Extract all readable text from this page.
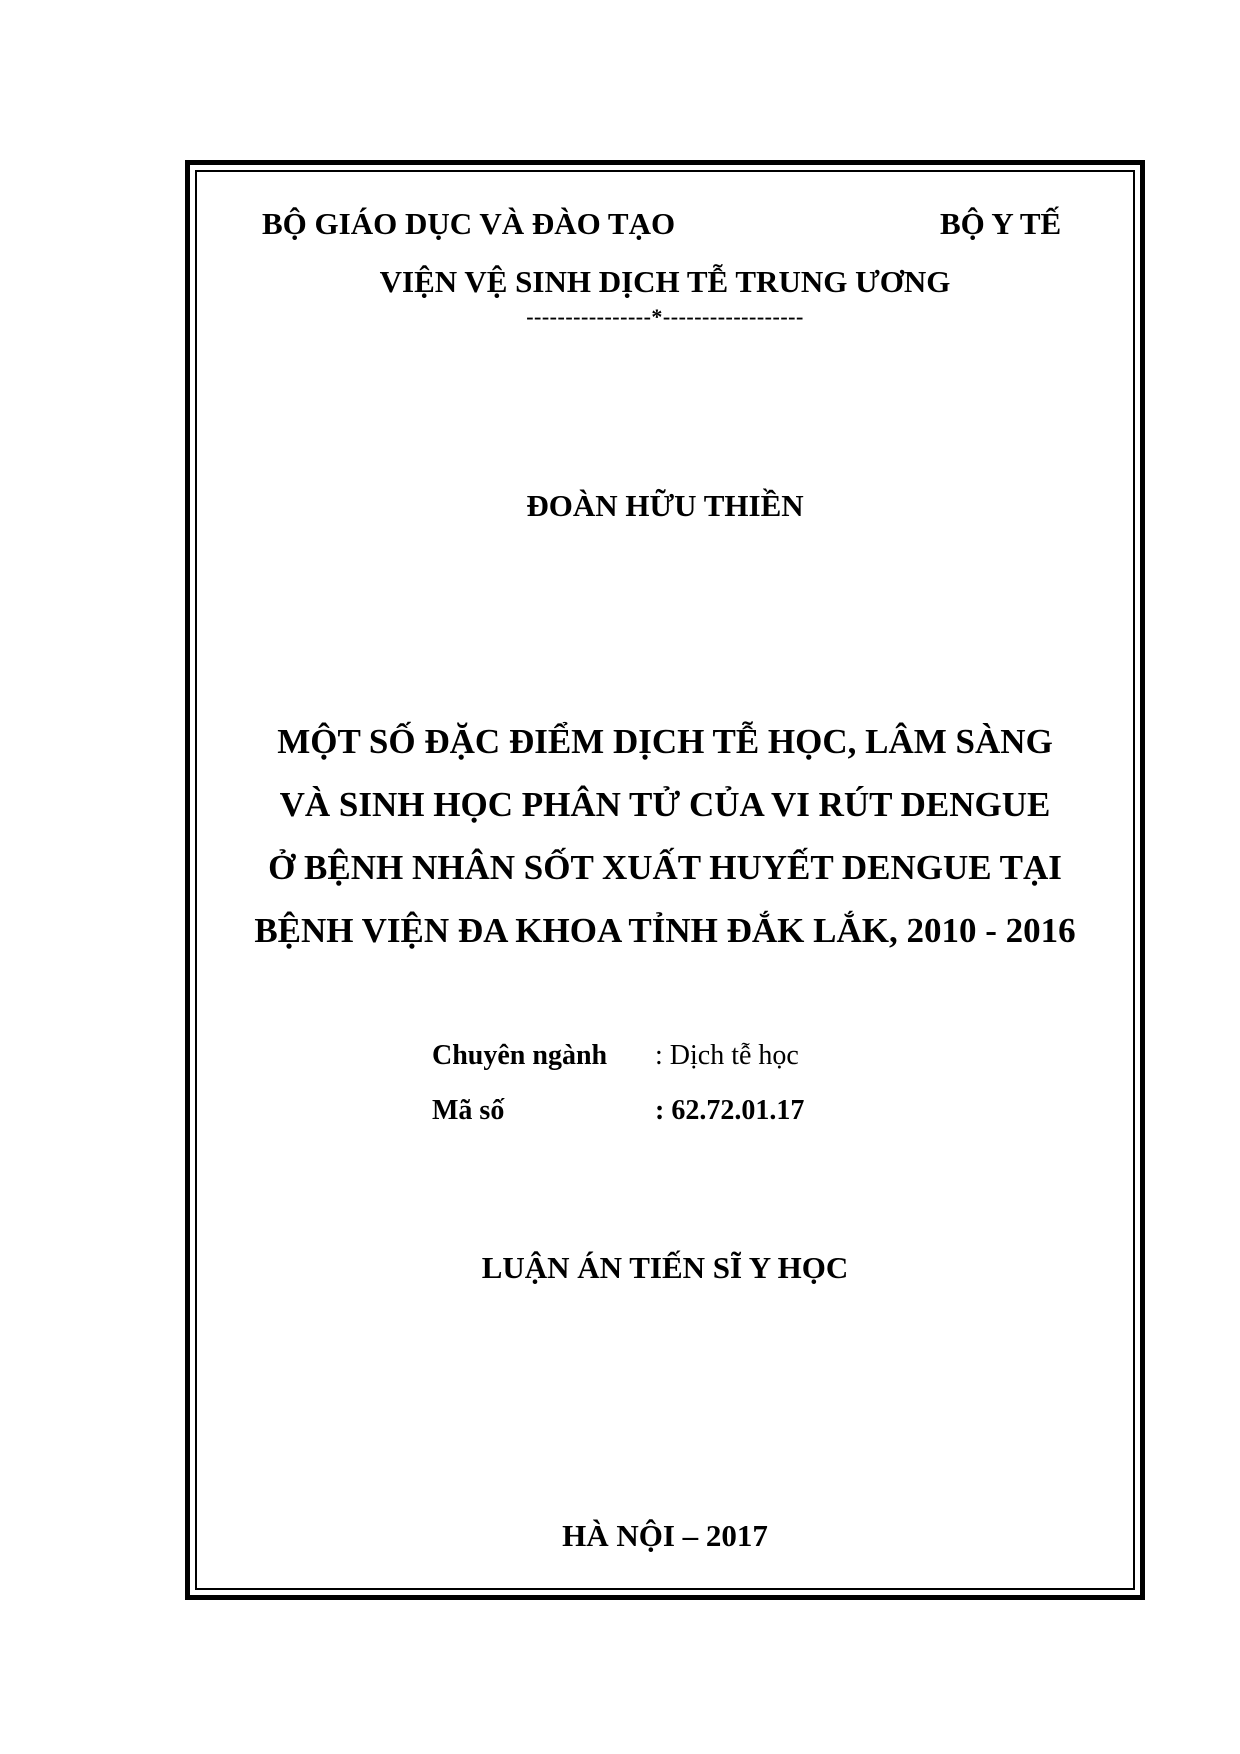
BỘ GIÁO DỤC VÀ ĐÀO TẠO	BỘ Y TẾ
VIỆN VỆ SINH DỊCH TỄ TRUNG ƯƠNG
----------------*------------------
ĐOÀN HỮU THIỀN
MỘT SỐ ĐẶC ĐIỂM DỊCH TỄ HỌC, LÂM SÀNG
VÀ SINH HỌC PHÂN TỬ CỦA VI RÚT DENGUE
Ở BỆNH NHÂN SỐT XUẤT HUYẾT DENGUE TẠI
BỆNH VIỆN ĐA KHOA TỈNH ĐẮK LẮK, 2010 - 2016
Chuyên ngành : Dịch tễ học
Mã số	: 62.72.01.17
LUẬN ÁN TIẾN SĨ Y HỌC
HÀ NỘI – 2017
